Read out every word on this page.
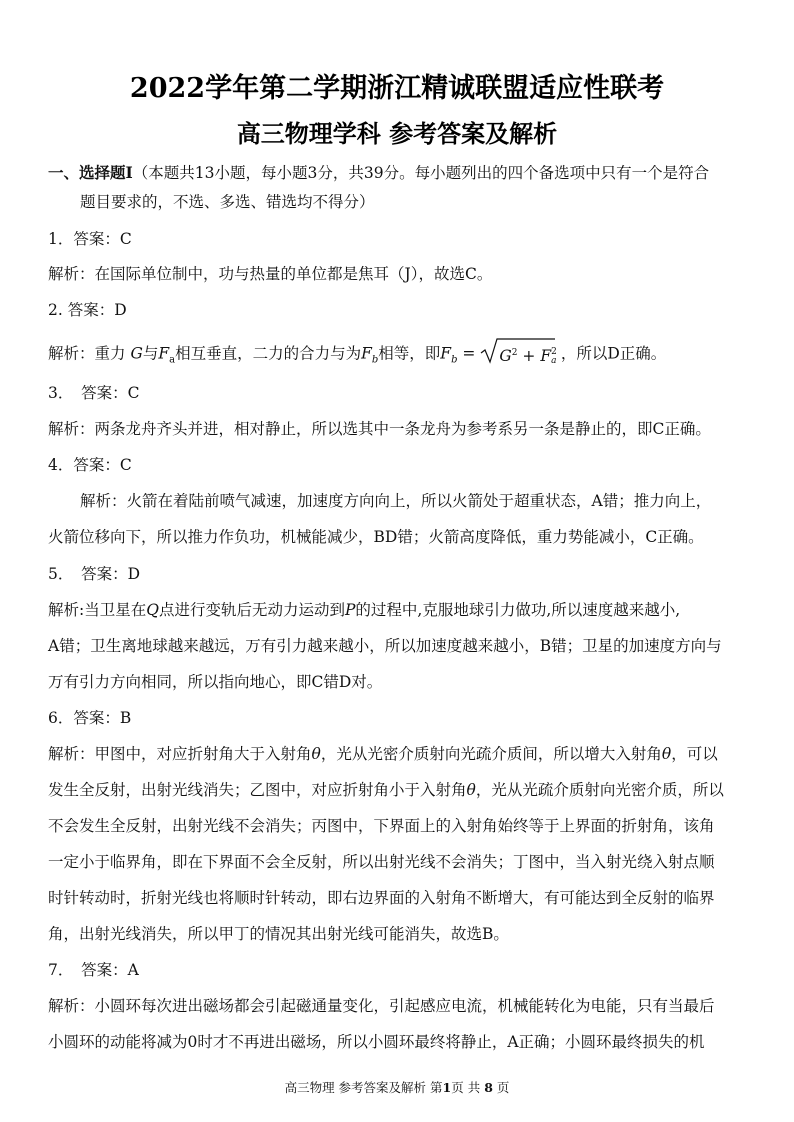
2022学年第二学期浙江精诚联盟适应性联考
高三物理学科 参考答案及解析
一、选择题Ⅰ（本题共13小题，每小题3分，共39分。每小题列出的四个备选项中只有一个是符合
题目要求的，不选、多选、错选均不得分）
1．答案：C
解析：在国际单位制中，功与热量的单位都是焦耳（J），故选C。
2. 答案：D
解析：重力 G与$F_a$相互垂直，二力的合力与为$F_b$相等，即$F_b = G^2 + F$ 2
a ，所以D正确。
3．　答案：C
解析：两条龙舟齐头并进，相对静止，所以选其中一条龙舟为参考系另一条是静止的，即C正确。
4．答案：C
解析：火箭在着陆前喷气减速，加速度方向向上，所以火箭处于超重状态，A错；推力向上，
火箭位移向下，所以推力作负功，机械能减少，BD错；火箭高度降低，重力势能减小，C正确。
5．　答案：D
解析:当卫星在Q点进行变轨后无动力运动到P的过程中,克服地球引力做功,所以速度越来越小,
A错；卫生离地球越来越远，万有引力越来越小，所以加速度越来越小，B错；卫星的加速度方向与
万有引力方向相同，所以指向地心，即C错D对。
6．答案：B
解析：甲图中，对应折射角大于入射角θ，光从光密介质射向光疏介质间，所以增大入射角θ，可以
发生全反射，出射光线消失；乙图中，对应折射角小于入射角θ，光从光疏介质射向光密介质，所以
不会发生全反射，出射光线不会消失；丙图中，下界面上的入射角始终等于上界面的折射角，该角
一定小于临界角，即在下界面不会全反射，所以出射光线不会消失；丁图中，当入射光绕入射点顺
时针转动时，折射光线也将顺时针转动，即右边界面的入射角不断增大，有可能达到全反射的临界
角，出射光线消失，所以甲丁的情况其出射光线可能消失，故选B。
7．　答案：A
解析：小圆环每次进出磁场都会引起磁通量变化，引起感应电流，机械能转化为电能，只有当最后
小圆环的动能将减为0时才不再进出磁场，所以小圆环最终将静止，A正确；小圆环最终损失的机
高三物理 参考答案及解析 第1页 共 8 页
